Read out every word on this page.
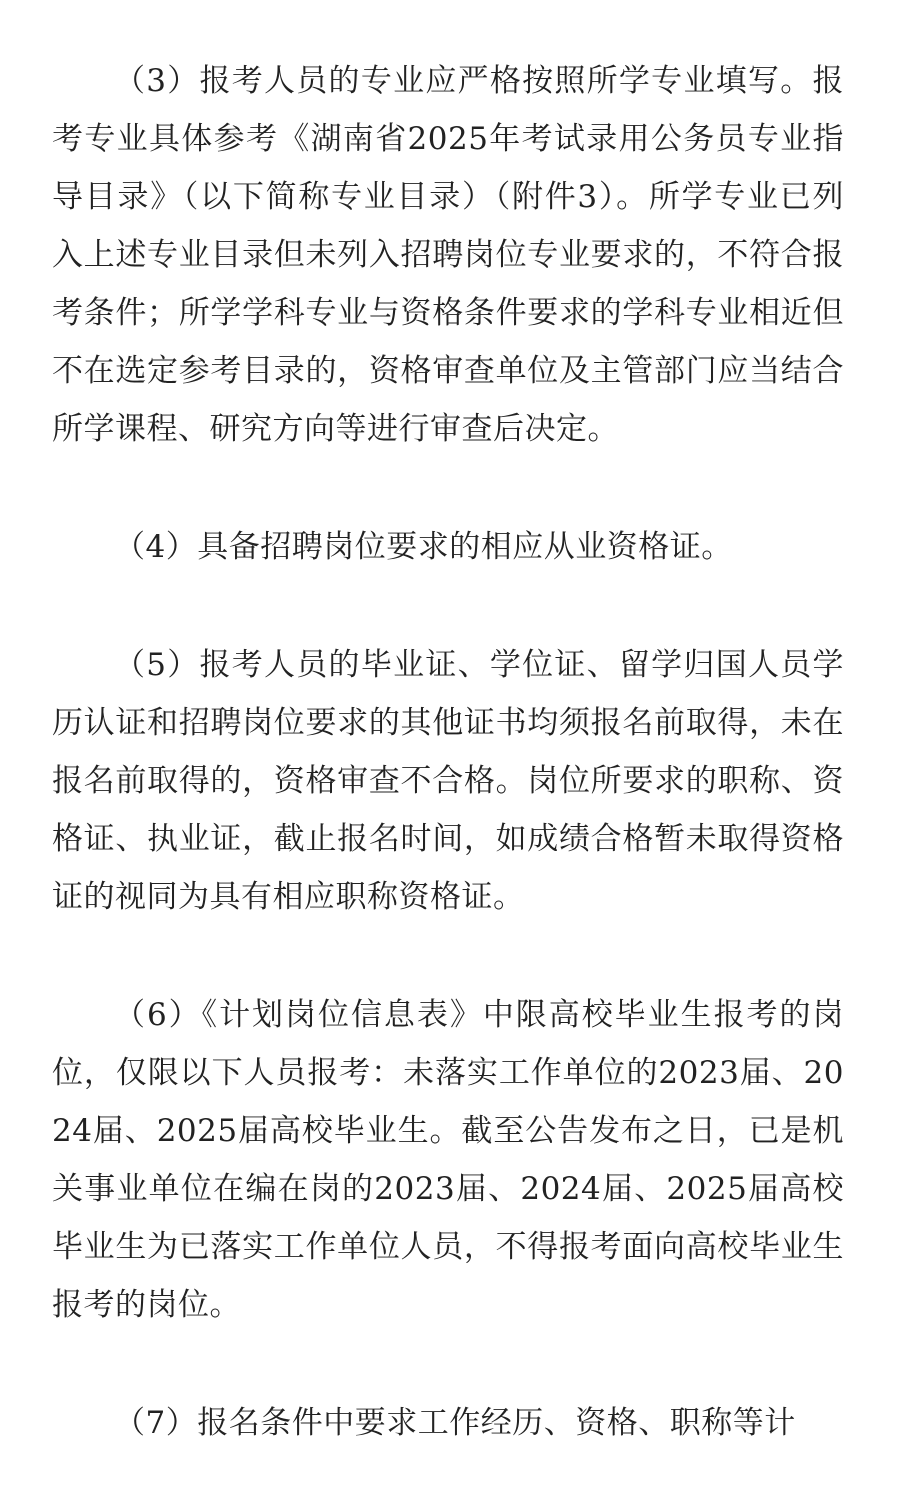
（3）报考人员的专业应严格按照所学专业填写。报考专业具体参考《湖南省2025年考试录用公务员专业指导目录》（以下简称专业目录）（附件3）。所学专业已列入上述专业目录但未列入招聘岗位专业要求的，不符合报考条件；所学学科专业与资格条件要求的学科专业相近但不在选定参考目录的，资格审查单位及主管部门应当结合所学课程、研究方向等进行审查后决定。

（4）具备招聘岗位要求的相应从业资格证。

（5）报考人员的毕业证、学位证、留学归国人员学历认证和招聘岗位要求的其他证书均须报名前取得，未在报名前取得的，资格审查不合格。岗位所要求的职称、资格证、执业证，截止报名时间，如成绩合格暂未取得资格证的视同为具有相应职称资格证。

（6）《计划岗位信息表》中限高校毕业生报考的岗位，仅限以下人员报考：未落实工作单位的2023届、2024届、2025届高校毕业生。截至公告发布之日，已是机关事业单位在编在岗的2023届、2024届、2025届高校毕业生为已落实工作单位人员，不得报考面向高校毕业生报考的岗位。

（7）报名条件中要求工作经历、资格、职称等计
